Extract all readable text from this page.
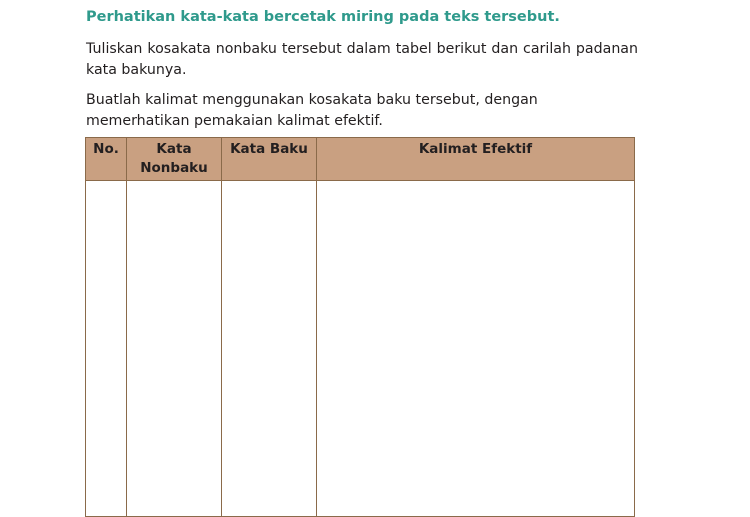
Perhatikan kata-kata bercetak miring pada teks tersebut.

Tuliskan kosakata nonbaku tersebut dalam tabel berikut dan carilah padanan kata bakunya.

Buatlah kalimat menggunakan kosakata baku tersebut, dengan memerhatikan pemakaian kalimat efektif.

No.	Kata Nonbaku	Kata Baku	Kalimat Efektif
